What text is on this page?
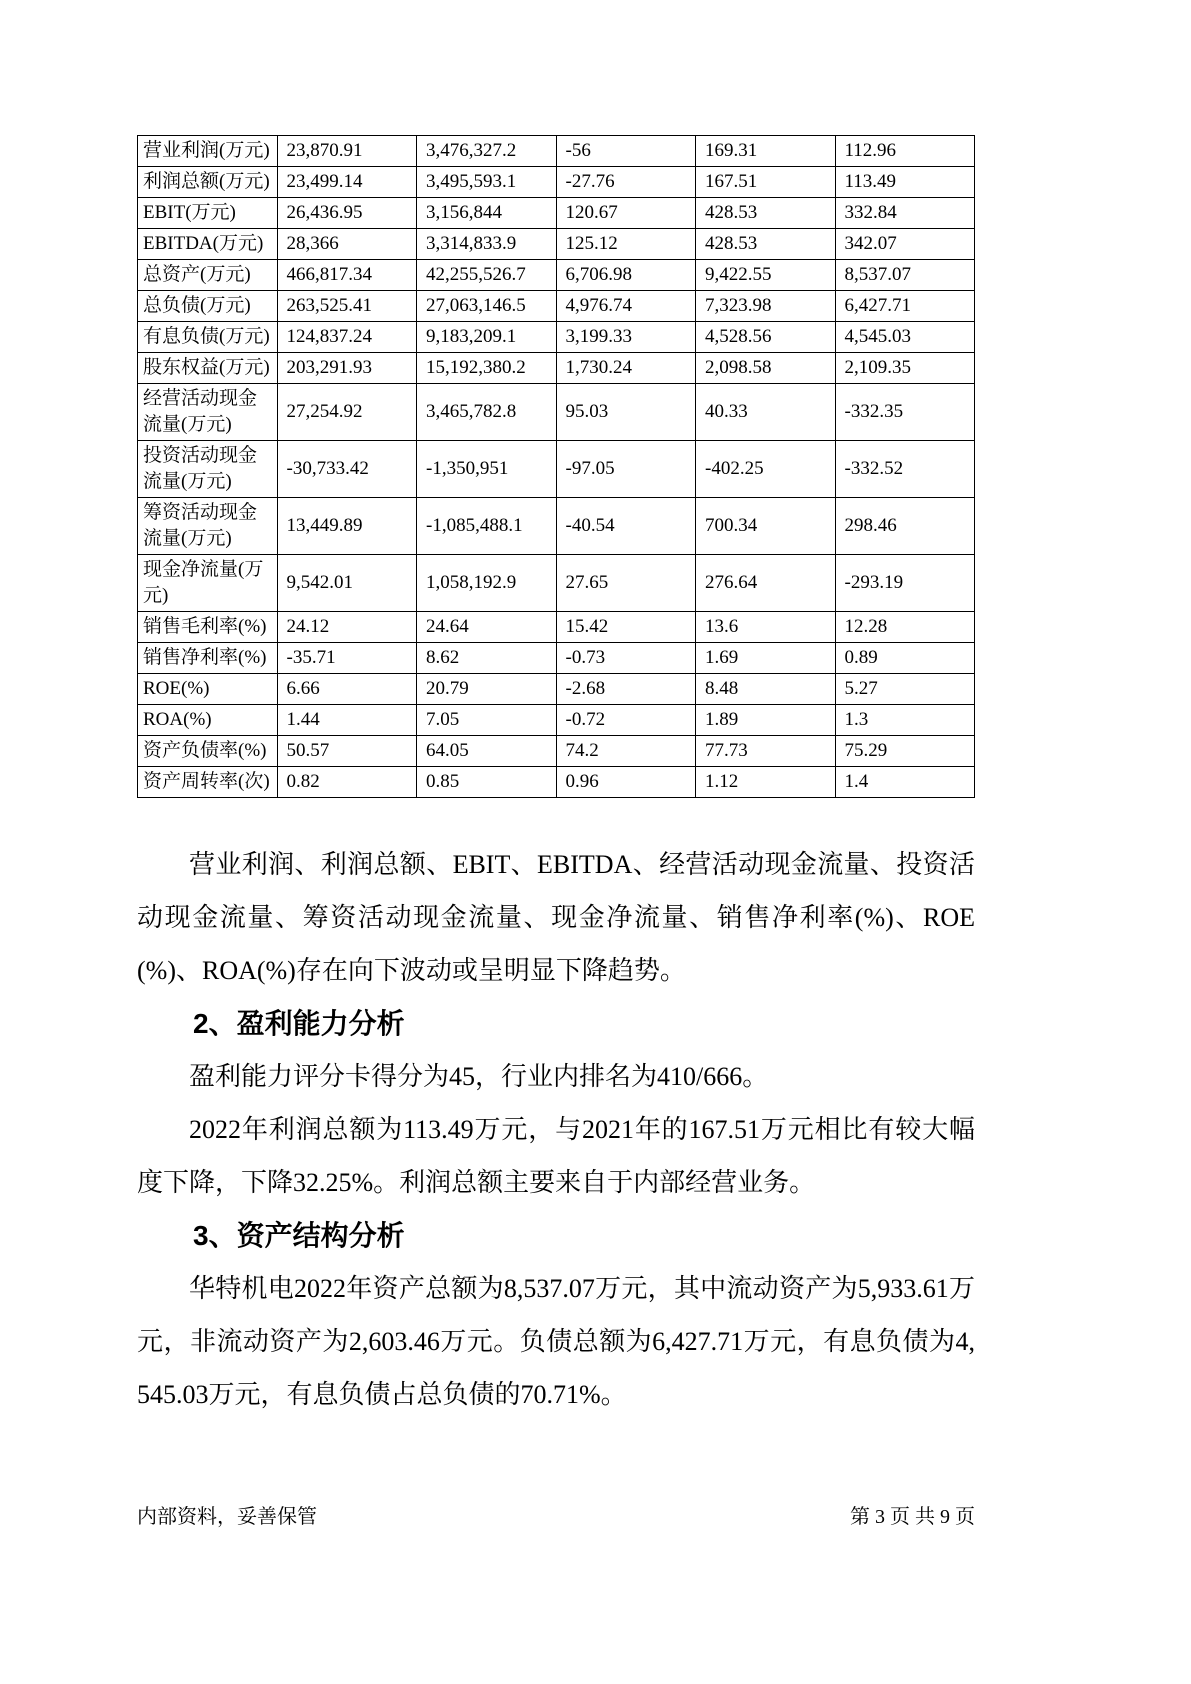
营业利润(万元)	23,870.91	3,476,327.2	-56	169.31	112.96
利润总额(万元)	23,499.14	3,495,593.1	-27.76	167.51	113.49
EBIT(万元)	26,436.95	3,156,844	120.67	428.53	332.84
EBITDA(万元)	28,366	3,314,833.9	125.12	428.53	342.07
总资产(万元)	466,817.34	42,255,526.7	6,706.98	9,422.55	8,537.07
总负债(万元)	263,525.41	27,063,146.5	4,976.74	7,323.98	6,427.71
有息负债(万元)	124,837.24	9,183,209.1	3,199.33	4,528.56	4,545.03
股东权益(万元)	203,291.93	15,192,380.2	1,730.24	2,098.58	2,109.35
经营活动现金流量(万元)	27,254.92	3,465,782.8	95.03	40.33	-332.35
投资活动现金流量(万元)	-30,733.42	-1,350,951	-97.05	-402.25	-332.52
筹资活动现金流量(万元)	13,449.89	-1,085,488.1	-40.54	700.34	298.46
现金净流量(万元)	9,542.01	1,058,192.9	27.65	276.64	-293.19
销售毛利率(%)	24.12	24.64	15.42	13.6	12.28
销售净利率(%)	-35.71	8.62	-0.73	1.69	0.89
ROE(%)	6.66	20.79	-2.68	8.48	5.27
ROA(%)	1.44	7.05	-0.72	1.89	1.3
资产负债率(%)	50.57	64.05	74.2	77.73	75.29
资产周转率(次)	0.82	0.85	0.96	1.12	1.4

营业利润、利润总额、EBIT、EBITDA、经营活动现金流量、投资活动现金流量、筹资活动现金流量、现金净流量、销售净利率(%)、ROE(%)、ROA(%)存在向下波动或呈明显下降趋势。

2、盈利能力分析

盈利能力评分卡得分为45，行业内排名为410/666。

2022年利润总额为113.49万元，与2021年的167.51万元相比有较大幅度下降，下降32.25%。利润总额主要来自于内部经营业务。

3、资产结构分析

华特机电2022年资产总额为8,537.07万元，其中流动资产为5,933.61万元，非流动资产为2,603.46万元。负债总额为6,427.71万元，有息负债为4,545.03万元，有息负债占总负债的70.71%。

内部资料，妥善保管	第 3 页 共 9 页
